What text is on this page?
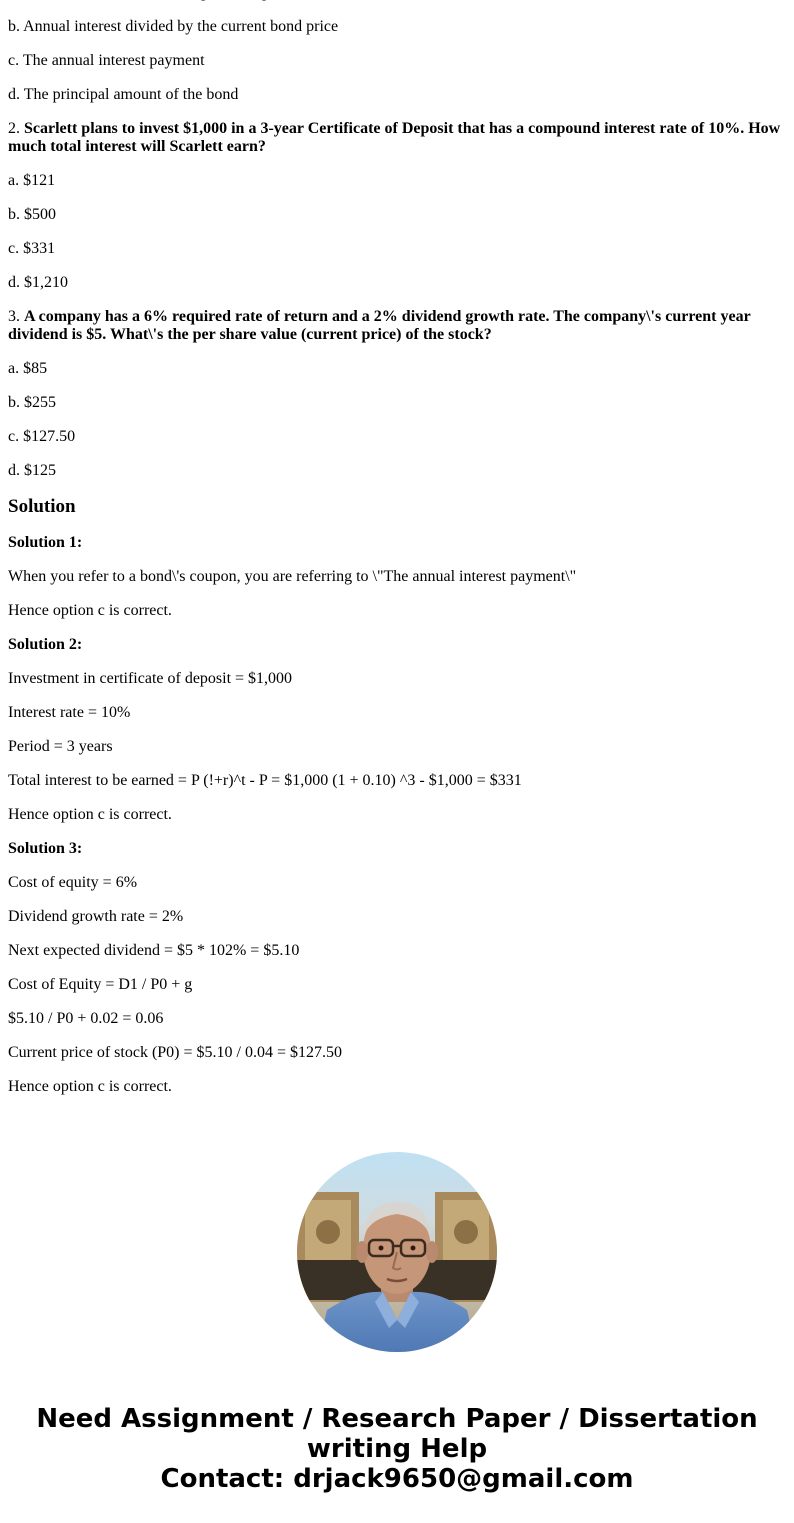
b. Annual interest divided by the current bond price

c. The annual interest payment

d. The principal amount of the bond

2. Scarlett plans to invest $1,000 in a 3-year Certificate of Deposit that has a compound interest rate of 10%. How much total interest will Scarlett earn?

a. $121

b. $500

c. $331

d. $1,210

3. A company has a 6% required rate of return and a 2% dividend growth rate. The company\'s current year dividend is $5. What\'s the per share value (current price) of the stock?

a. $85

b. $255

c. $127.50

d. $125

Solution

Solution 1:

When you refer to a bond\'s coupon, you are referring to \"The annual interest payment\"

Hence option c is correct.

Solution 2:

Investment in certificate of deposit = $1,000

Interest rate = 10%

Period = 3 years

Total interest to be earned = P (!+r)^t - P = $1,000 (1 + 0.10) ^3 - $1,000 = $331

Hence option c is correct.

Solution 3:

Cost of equity = 6%

Dividend growth rate = 2%

Next expected dividend = $5 * 102% = $5.10

Cost of Equity = D1 / P0 + g

$5.10 / P0 + 0.02 = 0.06

Current price of stock (P0) = $5.10 / 0.04 = $127.50

Hence option c is correct.

Need Assignment / Research Paper / Dissertation
writing Help
Contact: drjack9650@gmail.com
